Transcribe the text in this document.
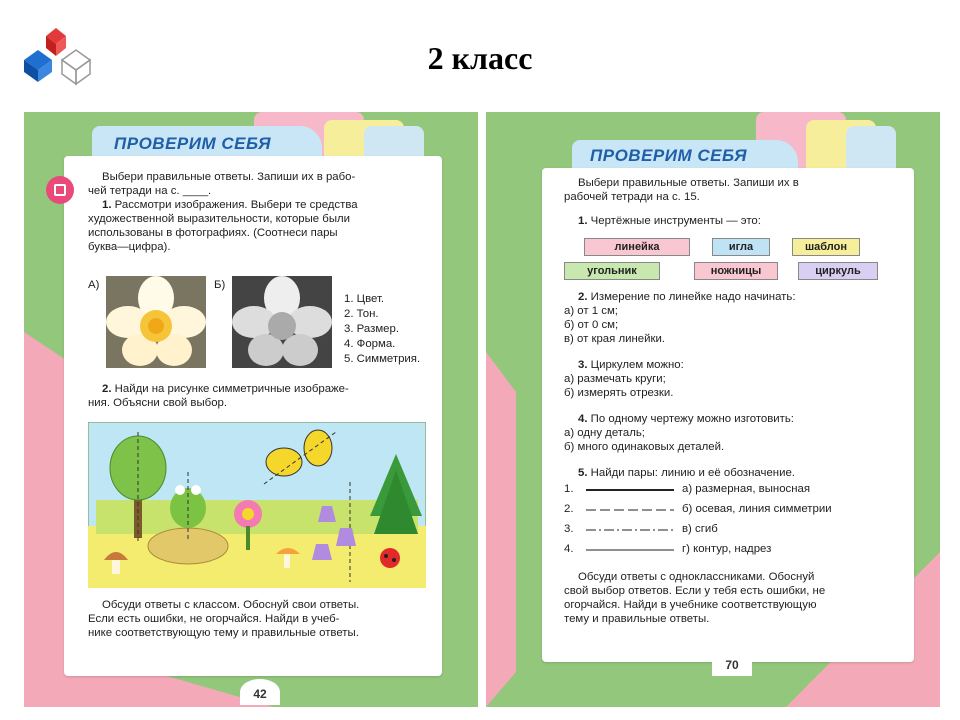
2 класс
ПРОВЕРИМ СЕБЯ
Выбери правильные ответы. Запиши их в рабо-
чей тетради на с. ____.
1. Рассмотри изображения. Выбери те средства
художественной выразительности, которые были
использованы в фотографиях. (Соотнеси пары
буква—цифра).
А)	Б)
1. Цвет.
2. Тон.
3. Размер.
4. Форма.
5. Симметрия.
2. Найди на рисунке симметричные изображе-
ния. Объясни свой выбор.
Обсуди ответы с классом. Обоснуй свои ответы.
Если есть ошибки, не огорчайся. Найди в учеб-
нике соответствующую тему и правильные ответы.
42
ПРОВЕРИМ СЕБЯ
Выбери правильные ответы. Запиши их в
рабочей тетради на с. 15.
1. Чертёжные инструменты — это:
линейка	игла	шаблон
угольник	ножницы	циркуль
2. Измерение по линейке надо начинать:
а) от 1 см;
б) от 0 см;
в) от края линейки.
3. Циркулем можно:
а) размечать круги;
б) измерять отрезки.
4. По одному чертежу можно изготовить:
а) одну деталь;
б) много одинаковых деталей.
5. Найди пары: линию и её обозначение.
1.	а) размерная, выносная
2.	б) осевая, линия симметрии
3.	в) сгиб
4.	г) контур, надрез
Обсуди ответы с одноклассниками. Обоснуй
свой выбор ответов. Если у тебя есть ошибки, не
огорчайся. Найди в учебнике соответствующую
тему и правильные ответы.
70
